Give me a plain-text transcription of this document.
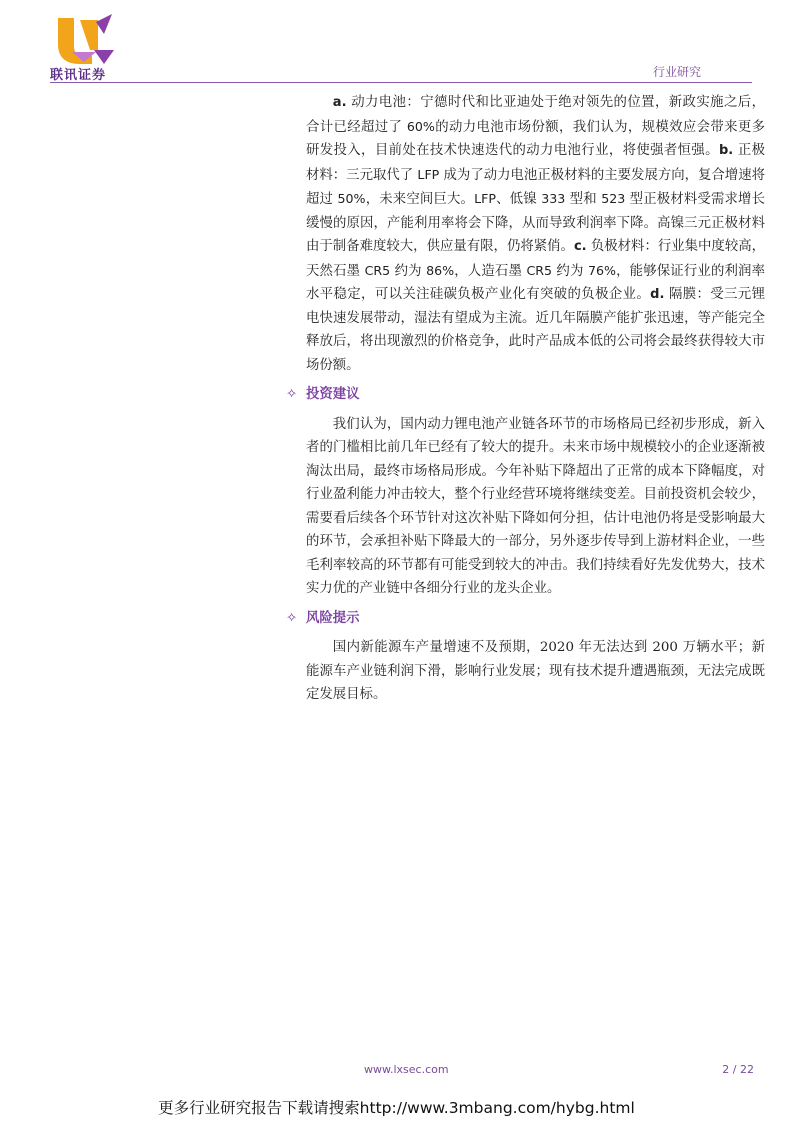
联讯证券	行业研究

a. 动力电池：宁德时代和比亚迪处于绝对领先的位置，新政实施之后，合计已经超过了 60%的动力电池市场份额，我们认为，规模效应会带来更多研发投入，目前处在技术快速迭代的动力电池行业，将使强者恒强。b. 正极材料：三元取代了 LFP 成为了动力电池正极材料的主要发展方向，复合增速将超过 50%，未来空间巨大。LFP、低镍 333 型和 523 型正极材料受需求增长缓慢的原因，产能利用率将会下降，从而导致利润率下降。高镍三元正极材料由于制备难度较大，供应量有限，仍将紧俏。c. 负极材料：行业集中度较高，天然石墨 CR5 约为 86%，人造石墨 CR5 约为 76%，能够保证行业的利润率水平稳定，可以关注硅碳负极产业化有突破的负极企业。d. 隔膜：受三元锂电快速发展带动，湿法有望成为主流。近几年隔膜产能扩张迅速，等产能完全释放后，将出现激烈的价格竞争，此时产品成本低的公司将会最终获得较大市场份额。

✧ 投资建议

我们认为，国内动力锂电池产业链各环节的市场格局已经初步形成，新入者的门槛相比前几年已经有了较大的提升。未来市场中规模较小的企业逐渐被淘汰出局，最终市场格局形成。今年补贴下降超出了正常的成本下降幅度，对行业盈利能力冲击较大，整个行业经营环境将继续变差。目前投资机会较少，需要看后续各个环节针对这次补贴下降如何分担，估计电池仍将是受影响最大的环节，会承担补贴下降最大的一部分，另外逐步传导到上游材料企业，一些毛利率较高的环节都有可能受到较大的冲击。我们持续看好先发优势大，技术实力优的产业链中各细分行业的龙头企业。

✧ 风险提示

国内新能源车产量增速不及预期，2020 年无法达到 200 万辆水平；新能源车产业链利润下滑，影响行业发展；现有技术提升遭遇瓶颈，无法完成既定发展目标。

www.lxsec.com	2 / 22
更多行业研究报告下载请搜索http://www.3mbang.com/hybg.html
